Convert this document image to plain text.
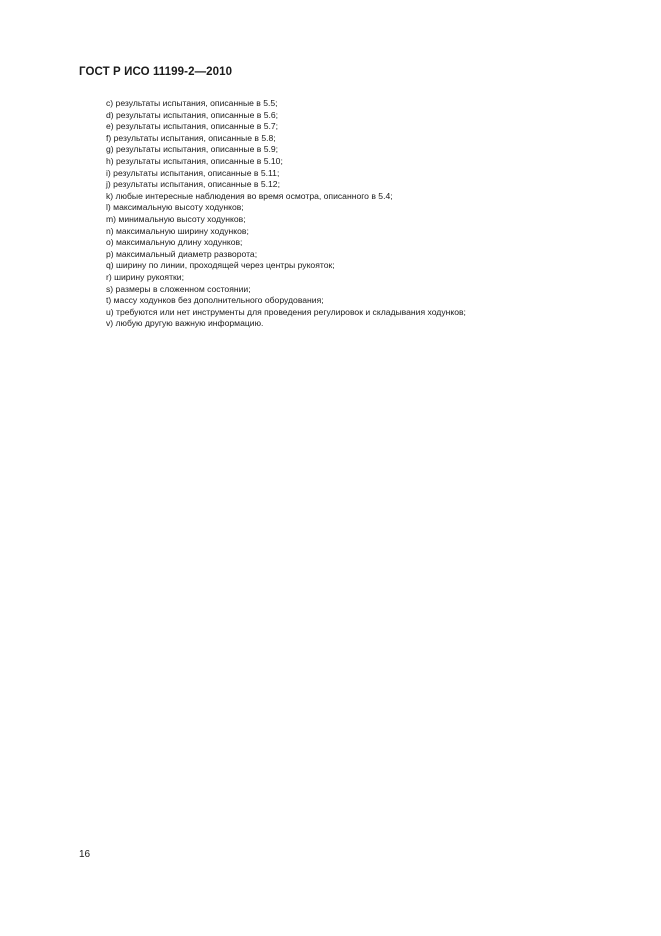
ГОСТ Р ИСО 11199-2—2010
c) результаты испытания, описанные в 5.5;
d) результаты испытания, описанные в 5.6;
e) результаты испытания, описанные в 5.7;
f) результаты испытания, описанные в 5.8;
g) результаты испытания, описанные в 5.9;
h) результаты испытания, описанные в 5.10;
i) результаты испытания, описанные в 5.11;
j) результаты испытания, описанные в 5.12;
k) любые интересные наблюдения во время осмотра, описанного в 5.4;
l) максимальную высоту ходунков;
m) минимальную высоту ходунков;
n) максимальную ширину ходунков;
o) максимальную длину ходунков;
p) максимальный диаметр разворота;
q) ширину по линии, проходящей через центры рукояток;
r) ширину рукоятки;
s) размеры в сложенном состоянии;
t) массу ходунков без дополнительного оборудования;
u) требуются или нет инструменты для проведения регулировок и складывания ходунков;
v) любую другую важную информацию.
16
